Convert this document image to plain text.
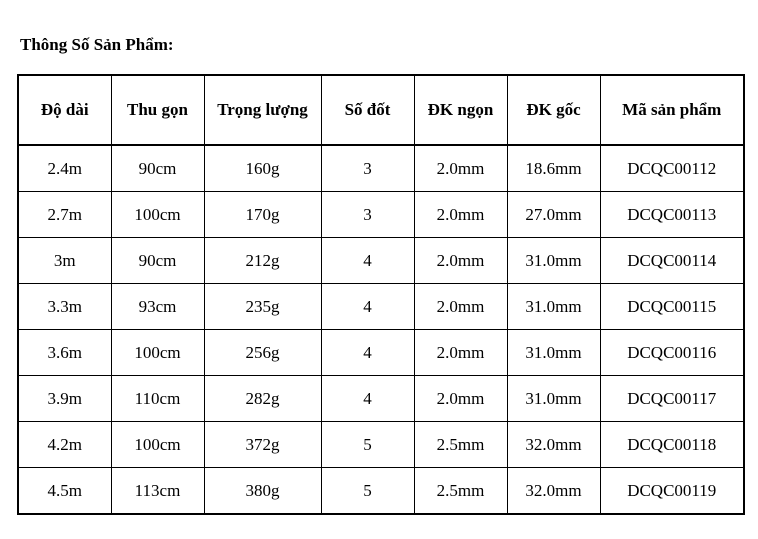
Thông Số Sản Phẩm:
Độ dài	Thu gọn	Trọng lượng	Số đốt	ĐK ngọn	ĐK gốc	Mã sản phẩm
2.4m	90cm	160g	3	2.0mm	18.6mm	DCQC00112
2.7m	100cm	170g	3	2.0mm	27.0mm	DCQC00113
3m	90cm	212g	4	2.0mm	31.0mm	DCQC00114
3.3m	93cm	235g	4	2.0mm	31.0mm	DCQC00115
3.6m	100cm	256g	4	2.0mm	31.0mm	DCQC00116
3.9m	110cm	282g	4	2.0mm	31.0mm	DCQC00117
4.2m	100cm	372g	5	2.5mm	32.0mm	DCQC00118
4.5m	113cm	380g	5	2.5mm	32.0mm	DCQC00119
